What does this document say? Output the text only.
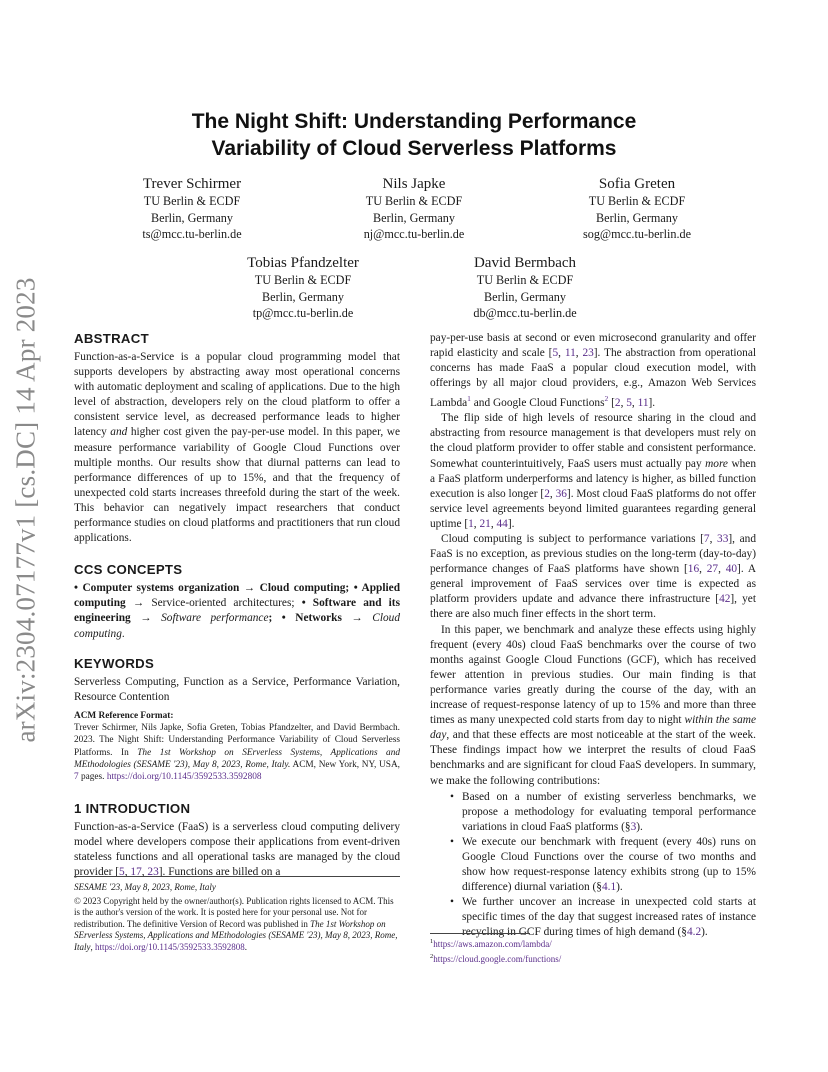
arXiv:2304.07177v1 [cs.DC] 14 Apr 2023
The Night Shift: Understanding Performance
Variability of Cloud Serverless Platforms
Trever Schirmer
TU Berlin & ECDF
Berlin, Germany
ts@mcc.tu-berlin.de
Nils Japke
TU Berlin & ECDF
Berlin, Germany
nj@mcc.tu-berlin.de
Sofia Greten
TU Berlin & ECDF
Berlin, Germany
sog@mcc.tu-berlin.de
Tobias Pfandzelter
TU Berlin & ECDF
Berlin, Germany
tp@mcc.tu-berlin.de
David Bermbach
TU Berlin & ECDF
Berlin, Germany
db@mcc.tu-berlin.de
ABSTRACT

Function-as-a-Service is a popular cloud programming model that supports developers by abstracting away most operational concerns with automatic deployment and scaling of applications. Due to the high level of abstraction, developers rely on the cloud platform to offer a consistent service level, as decreased performance leads to higher latency and higher cost given the pay-per-use model. In this paper, we measure performance variability of Google Cloud Functions over multiple months. Our results show that diurnal patterns can lead to performance differences of up to 15%, and that the frequency of unexpected cold starts increases threefold during the start of the week. This behavior can negatively impact researchers that conduct performance studies on cloud platforms and practitioners that run cloud applications.

CCS CONCEPTS

• Computer systems organization → Cloud computing; • Applied computing → Service-oriented architectures; • Software and its engineering → Software performance; • Networks → Cloud computing.

KEYWORDS

Serverless Computing, Function as a Service, Performance Variation, Resource Contention

ACM Reference Format:

Trever Schirmer, Nils Japke, Sofia Greten, Tobias Pfandzelter, and David Bermbach. 2023. The Night Shift: Understanding Performance Variability of Cloud Serverless Platforms. In The 1st Workshop on SErverless Systems, Applications and MEthodologies (SESAME '23), May 8, 2023, Rome, Italy. ACM, New York, NY, USA, 7 pages. https://doi.org/10.1145/3592533.3592808

1 INTRODUCTION

Function-as-a-Service (FaaS) is a serverless cloud computing delivery model where developers compose their applications from event-driven stateless functions and all operational tasks are managed by the cloud provider [5, 17, 23]. Functions are billed on a

SESAME '23, May 8, 2023, Rome, Italy

© 2023 Copyright held by the owner/author(s). Publication rights licensed to ACM. This is the author's version of the work. It is posted here for your personal use. Not for redistribution. The definitive Version of Record was published in The 1st Workshop on SErverless Systems, Applications and MEthodologies (SESAME '23), May 8, 2023, Rome, Italy, https://doi.org/10.1145/3592533.3592808.

pay-per-use basis at second or even microsecond granularity and offer rapid elasticity and scale [5, 11, 23]. The abstraction from operational concerns has made FaaS a popular cloud execution model, with offerings by all major cloud providers, e.g., Amazon Web Services Lambda$^1$ and Google Cloud Functions$^2$ [2, 5, 11].

The flip side of high levels of resource sharing in the cloud and abstracting from resource management is that developers must rely on the cloud platform provider to offer stable and consistent performance. Somewhat counterintuitively, FaaS users must actually pay more when a FaaS platform underperforms and latency is higher, as billed function execution is also longer [2, 36]. Most cloud FaaS platforms do not offer service level agreements beyond limited guarantees regarding general uptime [1, 21, 44].

Cloud computing is subject to performance variations [7, 33], and FaaS is no exception, as previous studies on the long-term (day-to-day) performance changes of FaaS platforms have shown [16, 27, 40]. A general improvement of FaaS services over time is expected as platform providers update and advance there infrastructure [42], yet there are also much finer effects in the short term.

In this paper, we benchmark and analyze these effects using highly frequent (every 40s) cloud FaaS benchmarks over the course of two months against Google Cloud Functions (GCF), which has received fewer attention in previous studies. Our main finding is that performance varies greatly during the course of the day, with an increase of request-response latency of up to 15% and more than three times as many unexpected cold starts from day to night within the same day, and that these effects are most noticeable at the start of the week. These findings impact how we interpret the results of cloud FaaS benchmarks and are significant for cloud FaaS developers. In summary, we make the following contributions:

• Based on a number of existing serverless benchmarks, we propose a methodology for evaluating temporal performance variations in cloud FaaS platforms (§3).
• We execute our benchmark with frequent (every 40s) runs on Google Cloud Functions over the course of two months and show how request-response latency exhibits strong (up to 15% difference) diurnal variation (§4.1).
• We further uncover an increase in unexpected cold starts at specific times of the day that suggest increased rates of instance recycling in GCF during times of high demand (§4.2).
$^1$https://aws.amazon.com/lambda/
$^2$https://cloud.google.com/functions/
